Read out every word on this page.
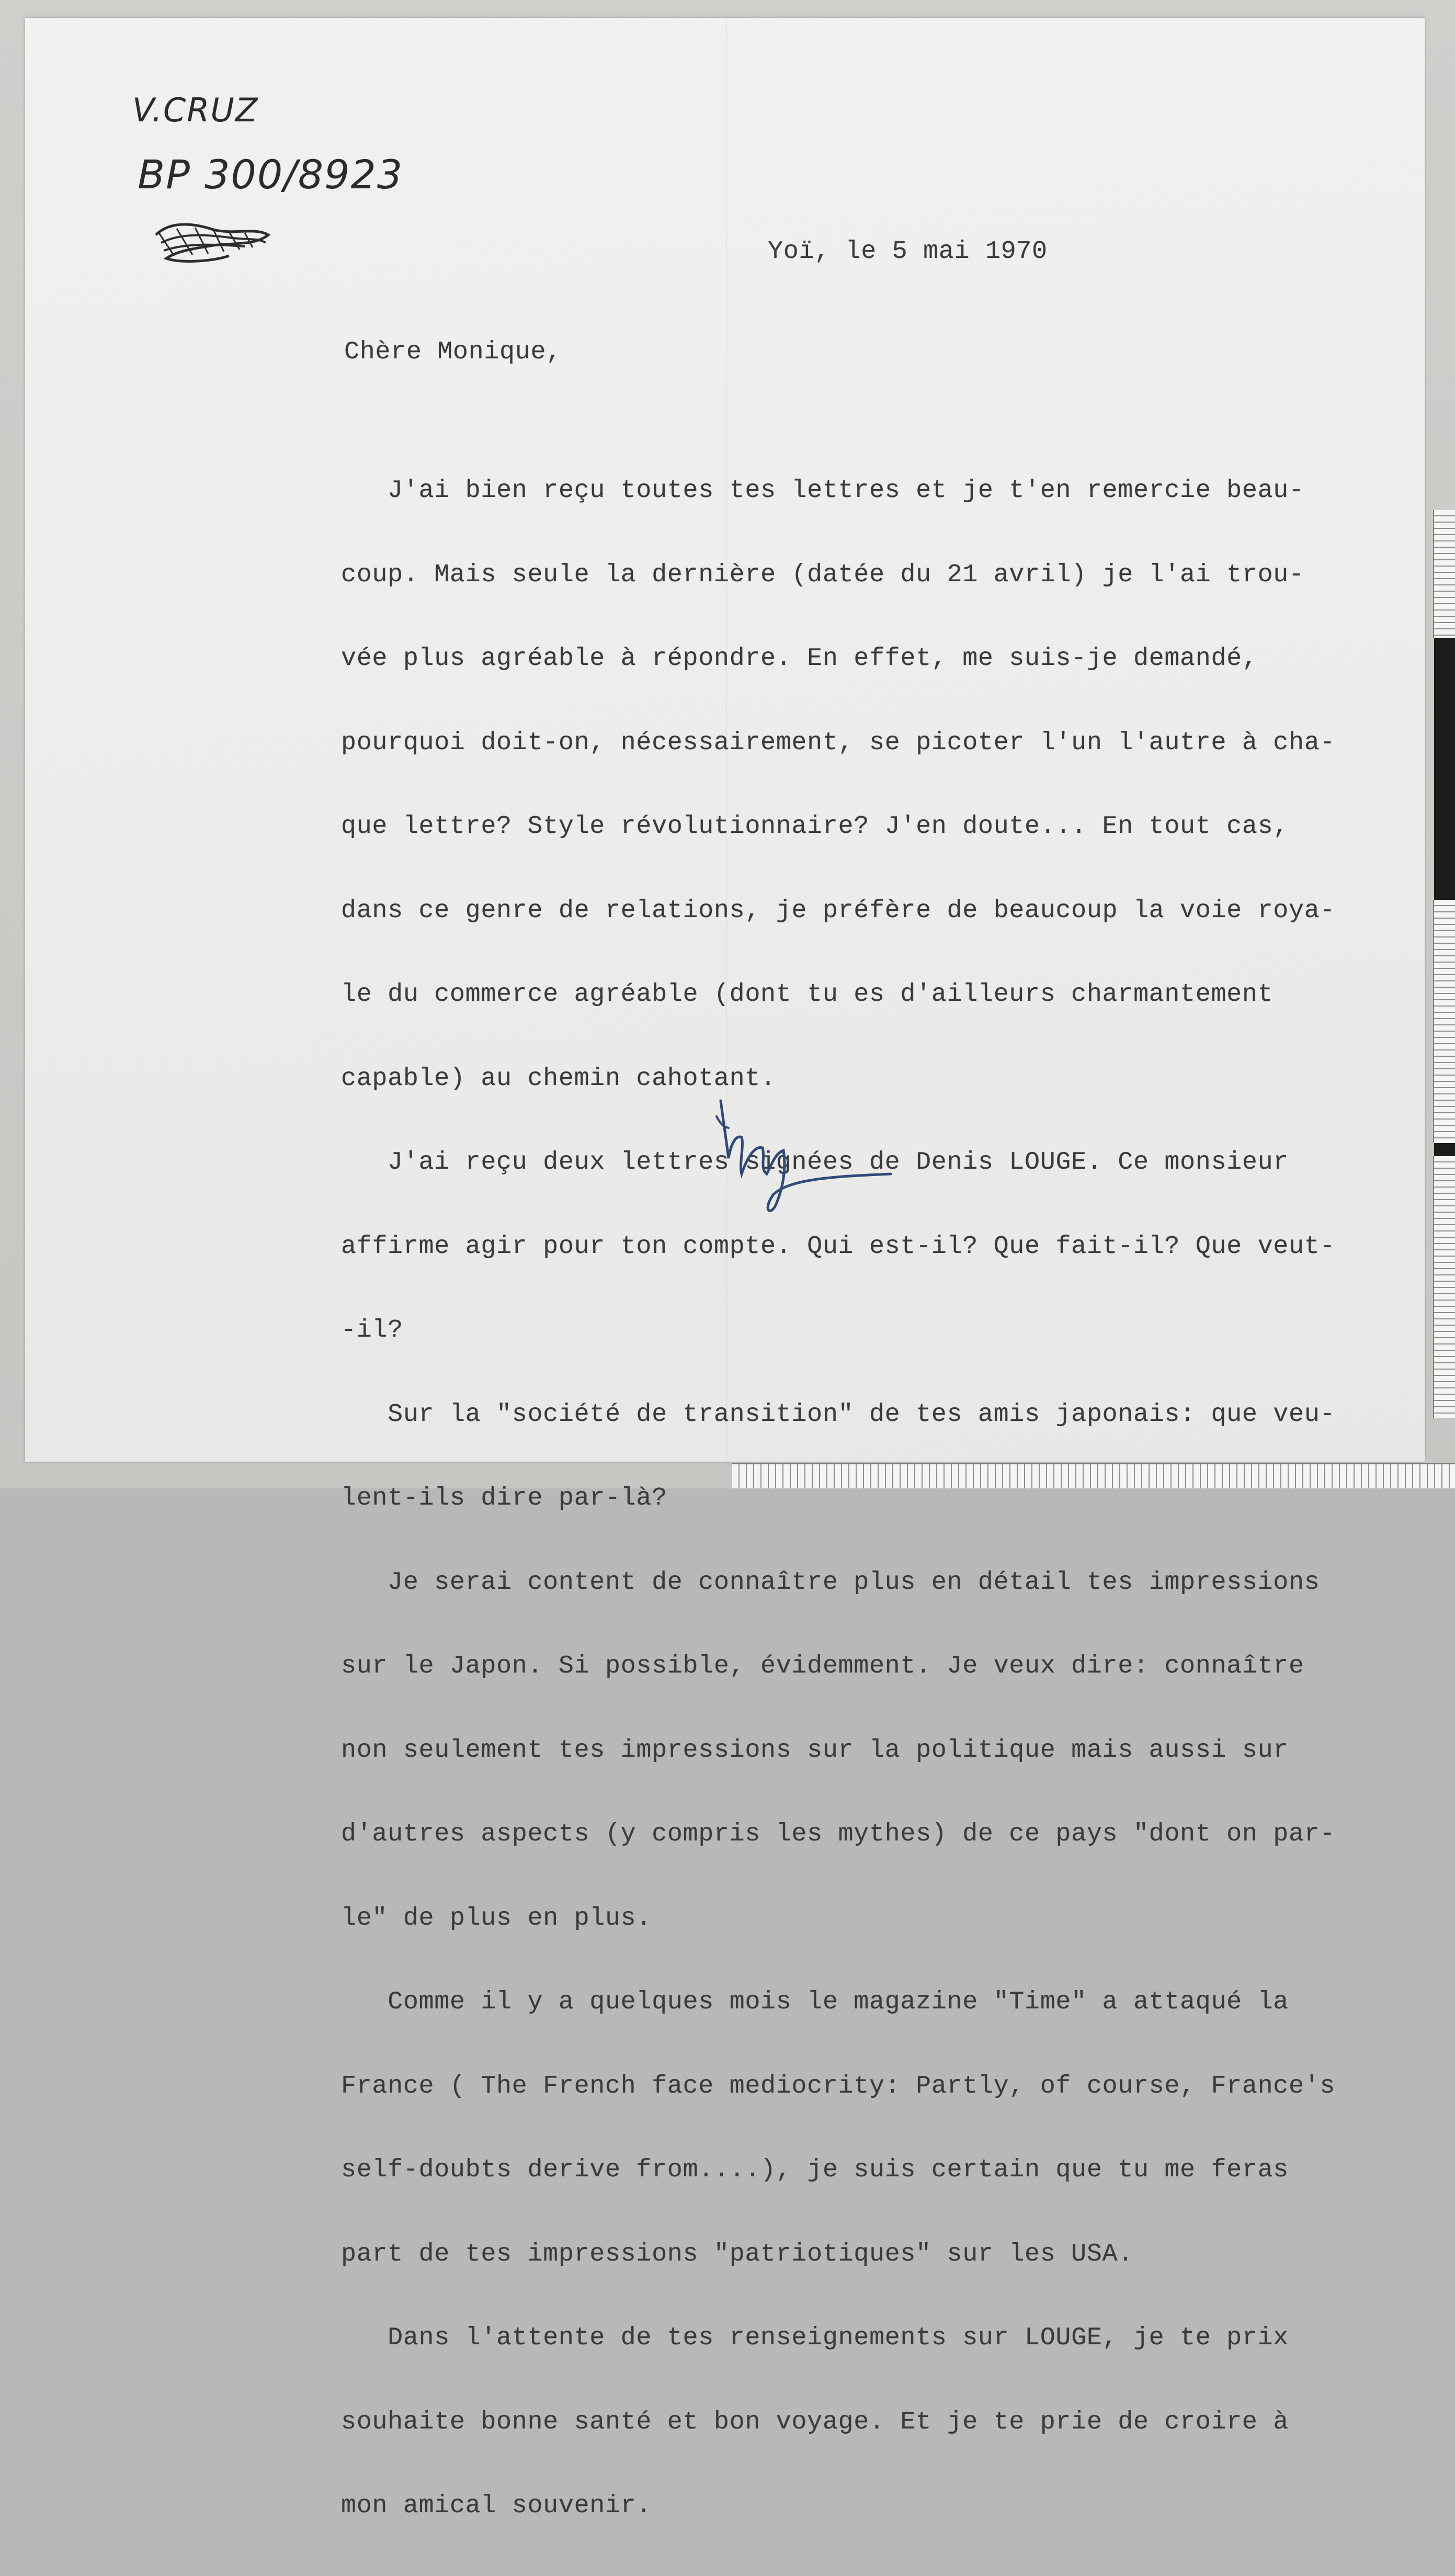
V.CRUZ
BP 300/8923
Yoï, le 5 mai 1970
Chère Monique,

J'ai bien reçu toutes tes lettres et je t'en remercie beau-

coup. Mais seule la dernière (datée du 21 avril) je l'ai trou-

vée plus agréable à répondre. En effet, me suis-je demandé,

pourquoi doit-on, nécessairement, se picoter l'un l'autre à cha-

que lettre? Style révolutionnaire? J'en doute... En tout cas,

dans ce genre de relations, je préfère de beaucoup la voie roya-

le du commerce agréable (dont tu es d'ailleurs charmantement

capable) au chemin cahotant.

J'ai reçu deux lettres signées de Denis LOUGE. Ce monsieur

affirme agir pour ton compte. Qui est-il? Que fait-il? Que veut-

-il?

Sur la "société de transition" de tes amis japonais: que veu-

lent-ils dire par-là?

Je serai content de connaître plus en détail tes impressions

sur le Japon. Si possible, évidemment. Je veux dire: connaître

non seulement tes impressions sur la politique mais aussi sur

d'autres aspects (y compris les mythes) de ce pays "dont on par-

le" de plus en plus.

Comme il y a quelques mois le magazine "Time" a attaqué la

France ( The French face mediocrity: Partly, of course, France's

self-doubts derive from....), je suis certain que tu me feras

part de tes impressions "patriotiques" sur les USA.

Dans l'attente de tes renseignements sur LOUGE, je te prix

souhaite bonne santé et bon voyage. Et je te prie de croire à

mon amical souvenir.
